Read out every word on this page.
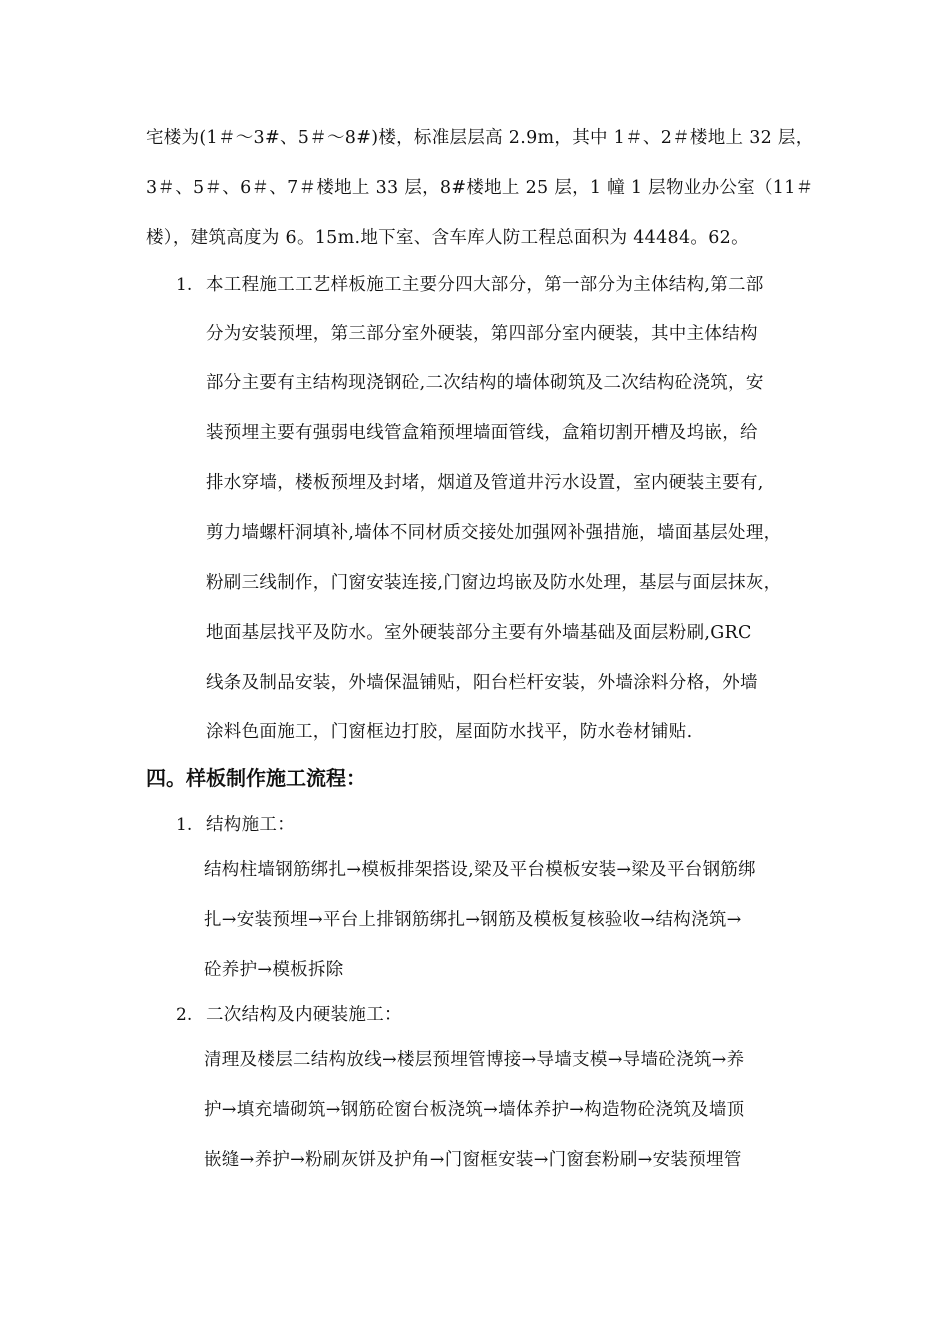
宅楼为(1＃～3#、5＃～8#)楼，标准层层高 2.9m，其中 1＃、2＃楼地上 32 层，
3＃、5＃、6＃、7＃楼地上 33 层，8#楼地上 25 层，1 幢 1 层物业办公室（11＃
楼），建筑高度为 6。15m.地下室、含车库人防工程总面积为 44484。62。
1. 本工程施工工艺样板施工主要分四大部分，第一部分为主体结构,第二部
分为安装预埋，第三部分室外硬装，第四部分室内硬装，其中主体结构
部分主要有主结构现浇钢砼,二次结构的墙体砌筑及二次结构砼浇筑，安
装预埋主要有强弱电线管盒箱预埋墙面管线，盒箱切割开槽及坞嵌，给
排水穿墙，楼板预埋及封堵，烟道及管道井污水设置，室内硬装主要有,
剪力墙螺杆洞填补,墙体不同材质交接处加强网补强措施，墙面基层处理，
粉刷三线制作，门窗安装连接,门窗边坞嵌及防水处理，基层与面层抹灰，
地面基层找平及防水。室外硬装部分主要有外墙基础及面层粉刷,GRC
线条及制品安装，外墙保温铺贴，阳台栏杆安装，外墙涂料分格，外墙
涂料色面施工，门窗框边打胶，屋面防水找平，防水卷材铺贴.
四。样板制作施工流程：
1. 结构施工：
结构柱墙钢筋绑扎→模板排架搭设,梁及平台模板安装→梁及平台钢筋绑
扎→安装预埋→平台上排钢筋绑扎→钢筋及模板复核验收→结构浇筑→
砼养护→模板拆除
2. 二次结构及内硬装施工：
清理及楼层二结构放线→楼层预埋管博接→导墙支模→导墙砼浇筑→养
护→填充墙砌筑→钢筋砼窗台板浇筑→墙体养护→构造物砼浇筑及墙顶
嵌缝→养护→粉刷灰饼及护角→门窗框安装→门窗套粉刷→安装预埋管
